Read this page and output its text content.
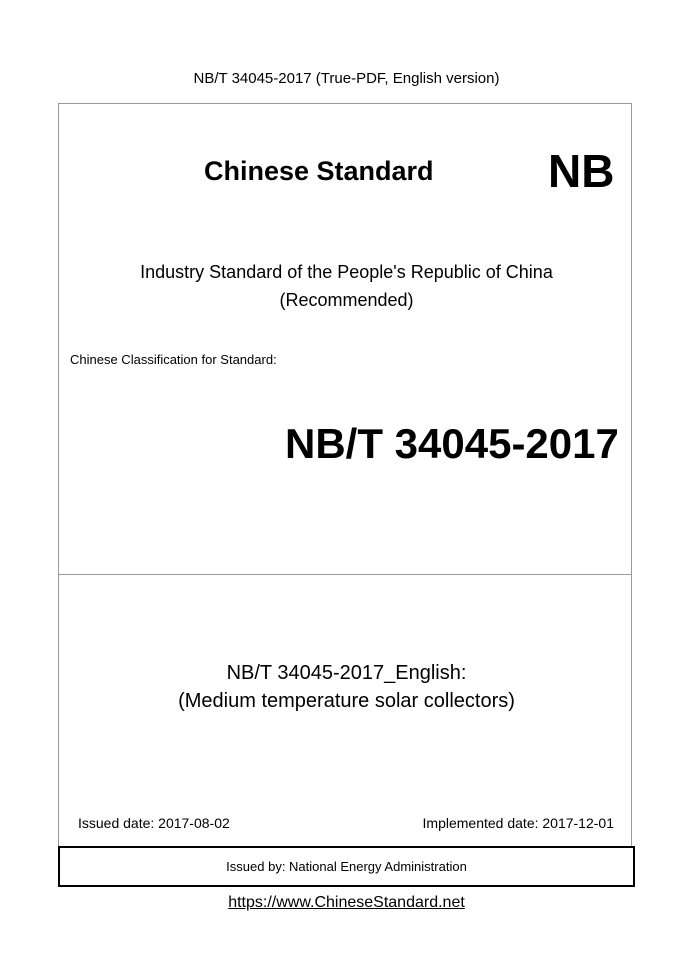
NB/T 34045-2017 (True-PDF, English version)
Chinese Standard NB
Industry Standard of the People's Republic of China
(Recommended)
Chinese Classification for Standard:
NB/T 34045-2017
NB/T 34045-2017_English:
(Medium temperature solar collectors)
Issued date: 2017-08-02	Implemented date: 2017-12-01
Issued by: National Energy Administration
https://www.ChineseStandard.net
